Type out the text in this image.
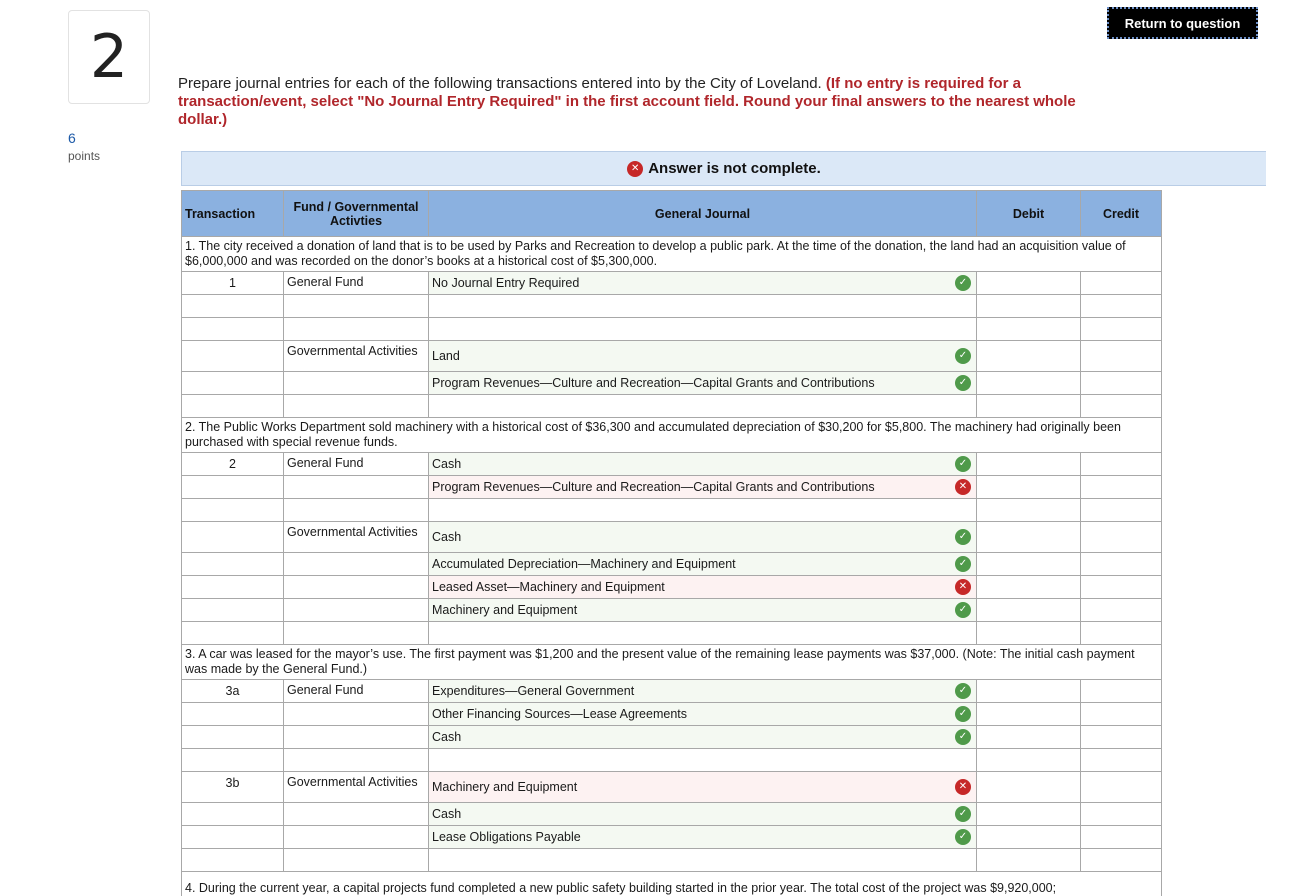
2
6
points
Return to question
Prepare journal entries for each of the following transactions entered into by the City of Loveland. (If no entry is required for a transaction/event, select "No Journal Entry Required" in the first account field. Round your final answers to the nearest whole dollar.)
✕ Answer is not complete.
Transaction	Fund / Governmental Activties	General Journal	Debit	Credit
1. The city received a donation of land that is to be used by Parks and Recreation to develop a public park. At the time of the donation, the land had an acquisition value of $6,000,000 and was recorded on the donor’s books at a historical cost of $5,300,000.				
1	General Fund	No Journal Entry Required ✓		

	Governmental Activities	Land ✓		

		Program Revenues—Culture and Recreation—Capital Grants and Contributions ✓		

2. The Public Works Department sold machinery with a historical cost of $36,300 and accumulated depreciation of $30,200 for $5,800. The machinery had originally been purchased with special revenue funds.				
2	General Fund	Cash ✓		

		Program Revenues—Culture and Recreation—Capital Grants and Contributions ✕		

	Governmental Activities	Cash ✓		

		Accumulated Depreciation—Machinery and Equipment ✓		

		Leased Asset—Machinery and Equipment ✕		

		Machinery and Equipment ✓		

3. A car was leased for the mayor’s use. The first payment was $1,200 and the present value of the remaining lease payments was $37,000. (Note: The initial cash payment was made by the General Fund.)				
3a	General Fund	Expenditures—General Government ✓		

		Other Financing Sources—Lease Agreements ✓		

		Cash ✓		

3b	Governmental Activities	Machinery and Equipment ✕		

		Cash ✓		

		Lease Obligations Payable ✓		

4. During the current year, a capital projects fund completed a new public safety building started in the prior year. The total cost of the project was $9,920,000;				
